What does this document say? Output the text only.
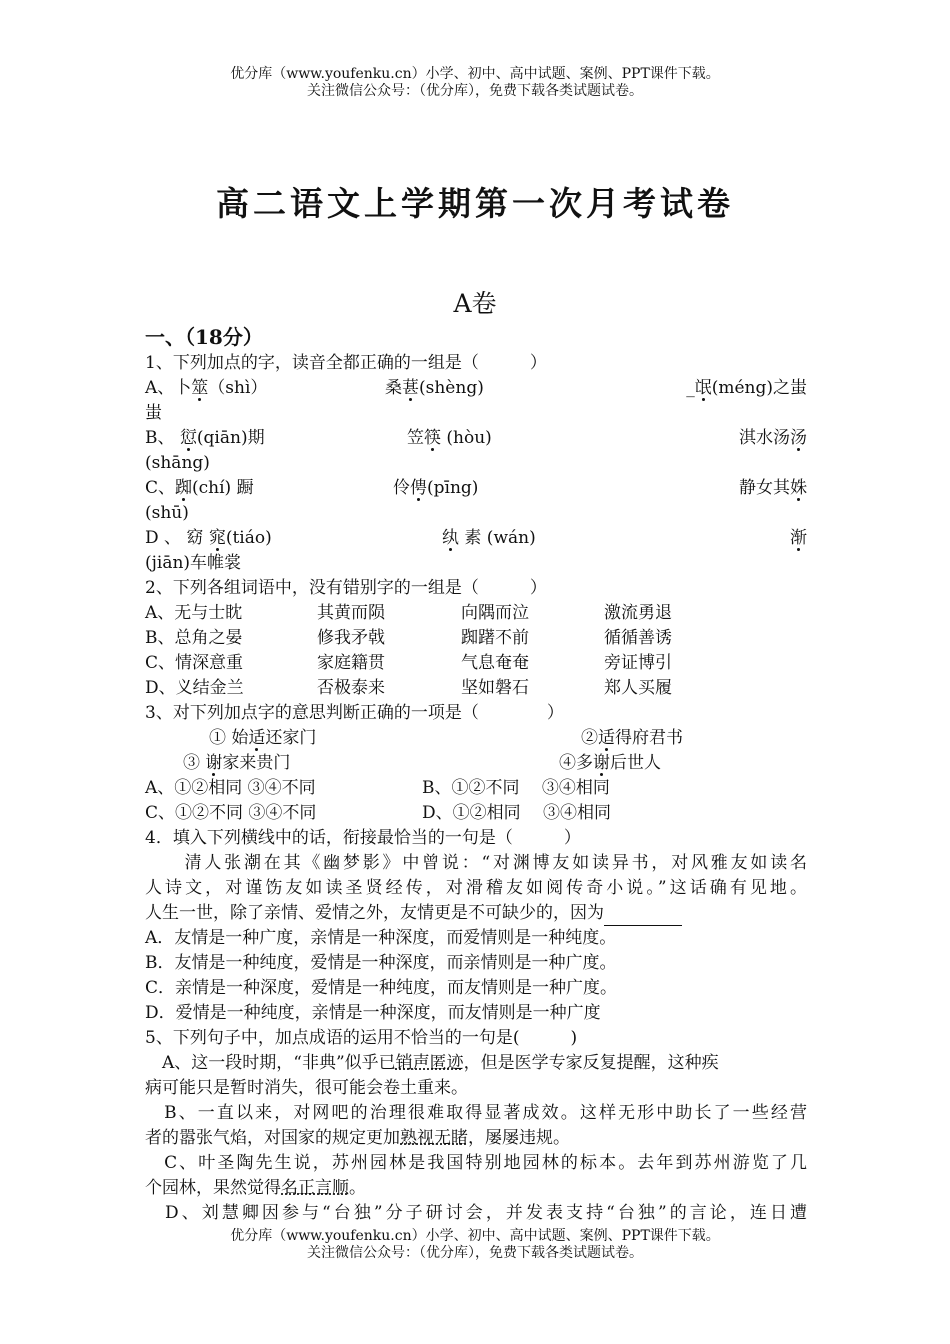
优分库（www.youfenku.cn）小学、初中、高中试题、案例、PPT课件下载。
关注微信公众号：（优分库），免费下载各类试题试卷。
高二语文上学期第一次月考试卷
A卷
一、（18分）
1、下列加点的字，读音全都正确的一组是（　　　）
A、卜筮（shì）	桑葚(shèng)	_氓(méng)之蚩
蚩
B、 愆(qiān)期	笠筷 (hòu)	淇水汤汤
(shāng)
C、踟(chí) 蹰	伶俜(pīng)	静女其姝
(shū)
D 、 窈 窕(tiáo)	纨 素 (wán)	渐
(jiān)车帷裳
2、下列各组词语中，没有错别字的一组是（　　　）
A、无与士眈	其黄而陨	向隅而泣	激流勇退
B、总角之晏	修我矛戟	踟躇不前	循循善诱
C、情深意重	家庭籍贯	气息奄奄	旁证博引
D、义结金兰	否极泰来	坚如磐石	郑人买履
3、对下列加点字的意思判断正确的一项是（　　　　）
① 始适还家门	②适得府君书
③ 谢家来贵门	④多谢后世人
A、①②相同 ③④不同	B、①②不同　 ③④相同
C、①②不同 ③④不同	D、①②相同　 ③④相同
4．填入下列横线中的话，衔接最恰当的一句是（　　　）
　　清人张潮在其《幽梦影》中曾说：“对渊博友如读异书，对风雅友如读名
人诗文，对谨饬友如读圣贤经传，对滑稽友如阅传奇小说。”这话确有见地。
人生一世，除了亲情、爱情之外，友情更是不可缺少的，因为
A．友情是一种广度，亲情是一种深度，而爱情则是一种纯度。
B．友情是一种纯度，爱情是一种深度，而亲情则是一种广度。
C．亲情是一种深度，爱情是一种纯度，而友情则是一种广度。
D．爱情是一种纯度，亲情是一种深度，而友情则是一种广度
5、下列句子中，加点成语的运用不恰当的一句是(　　　)
　A、这一段时期，“非典”似乎已销声匿迹，但是医学专家反复提醒，这种疾
病可能只是暂时消失，很可能会卷土重来。
　B、一直以来，对网吧的治理很难取得显著成效。这样无形中助长了一些经营
者的嚣张气焰，对国家的规定更加熟视无睹，屡屡违规。
　C、叶圣陶先生说，苏州园林是我国特别地园林的标本。去年到苏州游览了几
个园林，果然觉得名正言顺。
　D、刘慧卿因参与“台独”分子研讨会，并发表支持“台独”的言论，连日遭
优分库（www.youfenku.cn）小学、初中、高中试题、案例、PPT课件下载。
关注微信公众号：（优分库），免费下载各类试题试卷。
